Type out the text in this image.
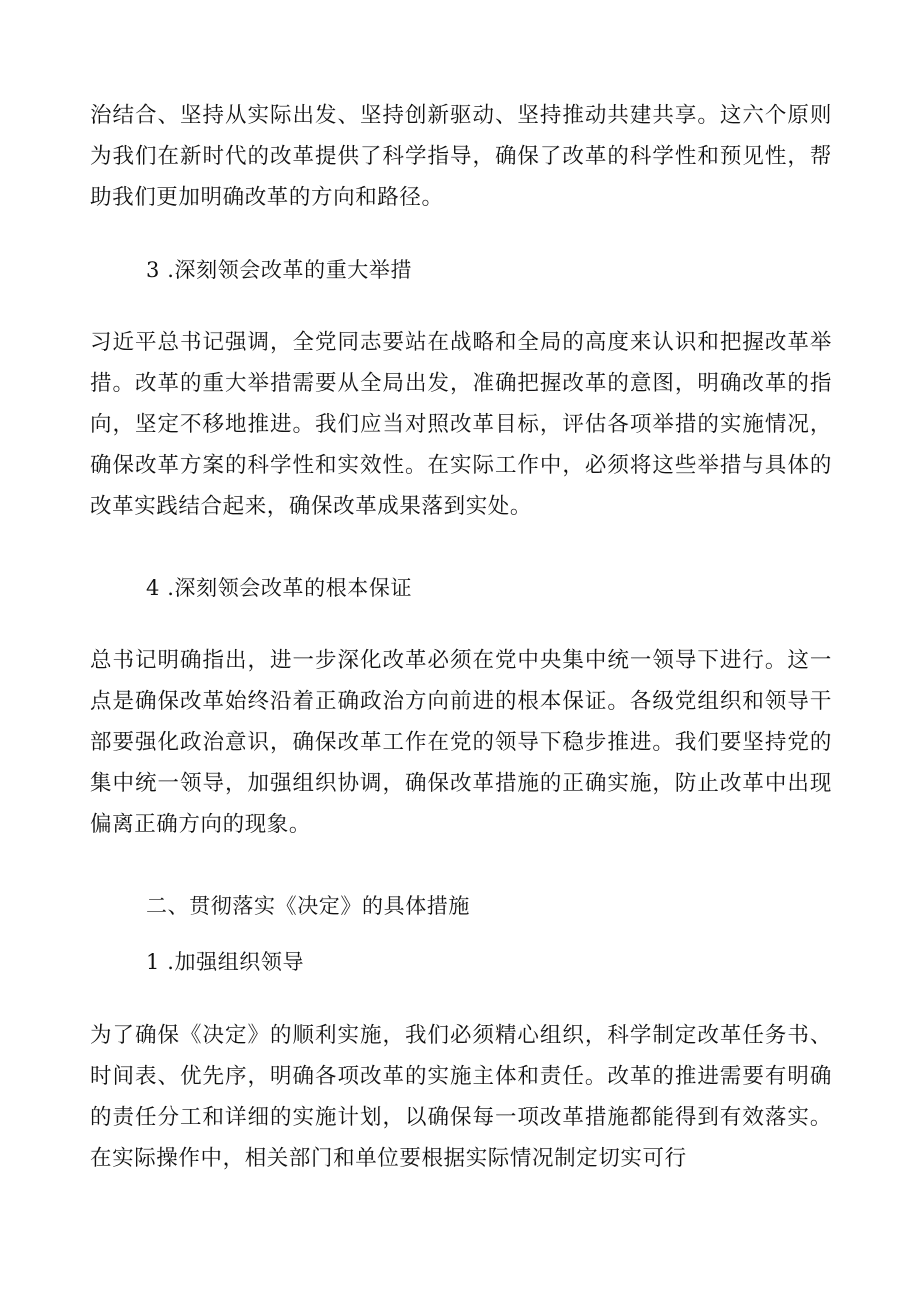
治结合、坚持从实际出发、坚持创新驱动、坚持推动共建共享。这六个原则为我们在新时代的改革提供了科学指导，确保了改革的科学性和预见性，帮助我们更加明确改革的方向和路径。

3 .深刻领会改革的重大举措

习近平总书记强调，全党同志要站在战略和全局的高度来认识和把握改革举措。改革的重大举措需要从全局出发，准确把握改革的意图，明确改革的指向，坚定不移地推进。我们应当对照改革目标，评估各项举措的实施情况，确保改革方案的科学性和实效性。在实际工作中，必须将这些举措与具体的改革实践结合起来，确保改革成果落到实处。

4 .深刻领会改革的根本保证

总书记明确指出，进一步深化改革必须在党中央集中统一领导下进行。这一点是确保改革始终沿着正确政治方向前进的根本保证。各级党组织和领导干部要强化政治意识，确保改革工作在党的领导下稳步推进。我们要坚持党的集中统一领导，加强组织协调，确保改革措施的正确实施，防止改革中出现偏离正确方向的现象。

二、贯彻落实《决定》的具体措施

1 .加强组织领导

为了确保《决定》的顺利实施，我们必须精心组织，科学制定改革任务书、时间表、优先序，明确各项改革的实施主体和责任。改革的推进需要有明确的责任分工和详细的实施计划，以确保每一项改革措施都能得到有效落实。在实际操作中，相关部门和单位要根据实际情况制定切实可行
